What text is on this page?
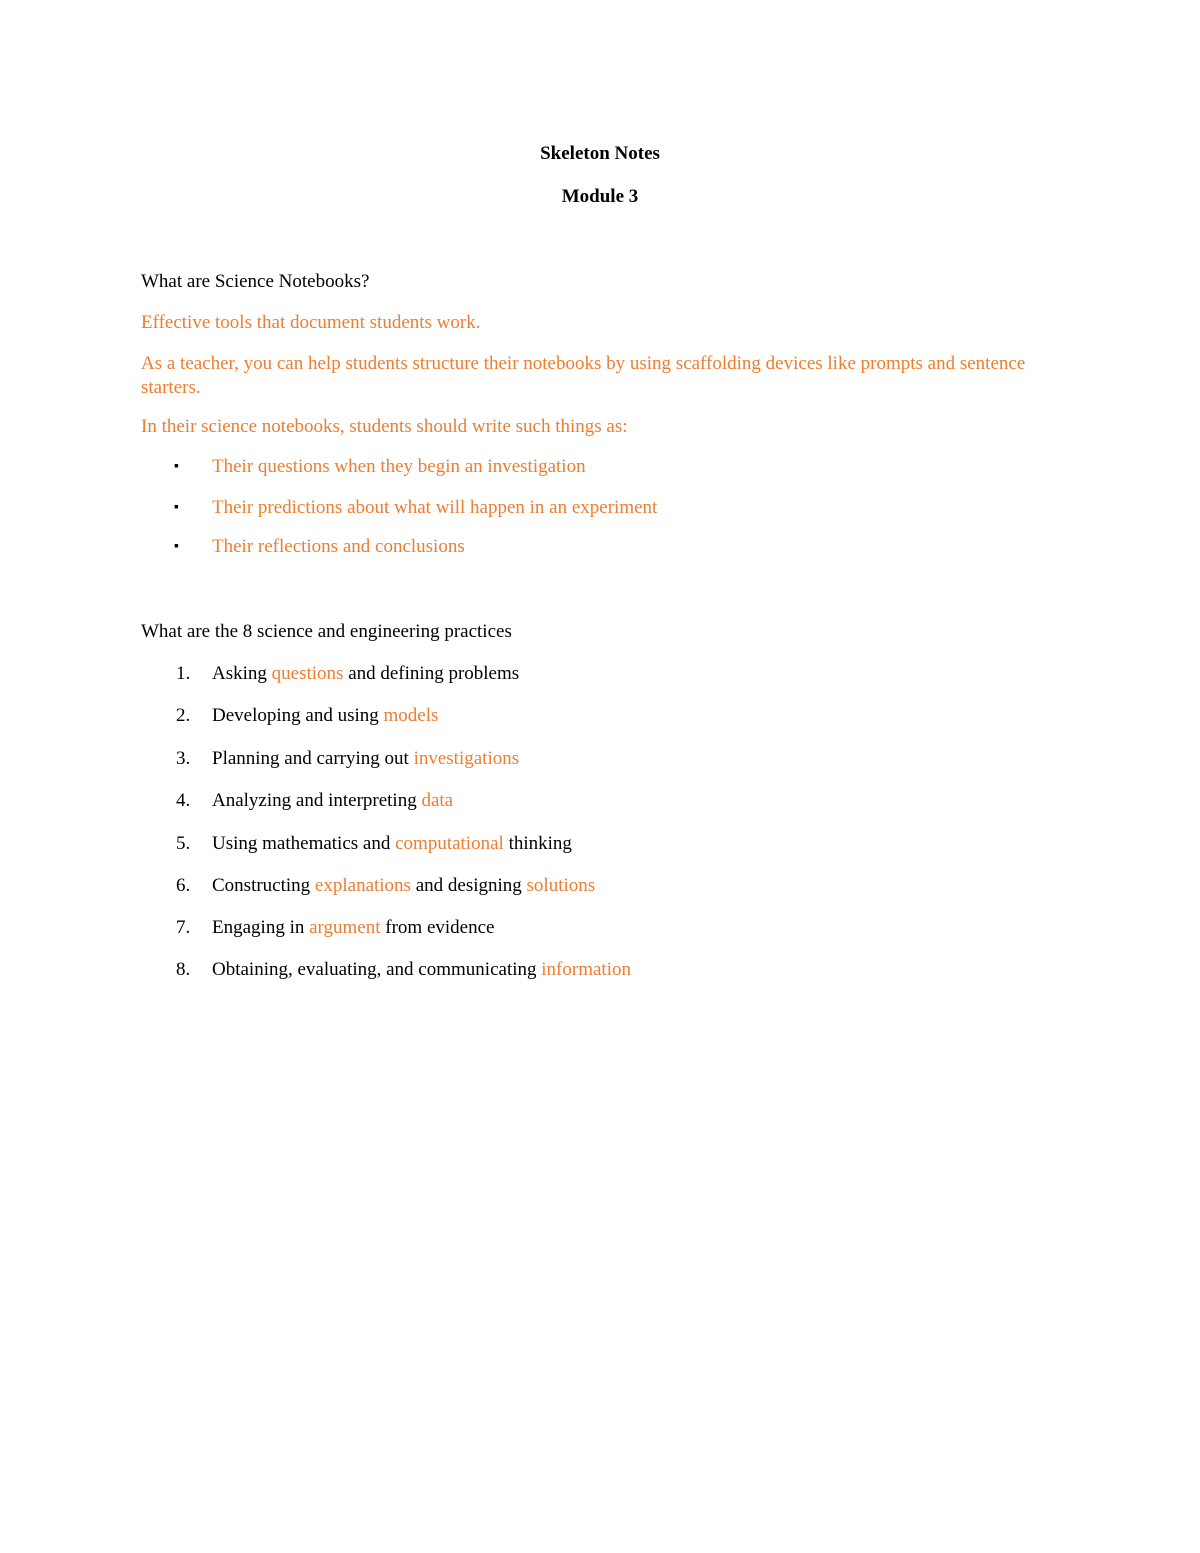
Skeleton Notes
Module 3
What are Science Notebooks?
Effective tools that document students work.
As a teacher, you can help students structure their notebooks by using scaffolding devices like prompts and sentence starters.
In their science notebooks, students should write such things as:
▪ Their questions when they begin an investigation
▪ Their predictions about what will happen in an experiment
▪ Their reflections and conclusions
What are the 8 science and engineering practices
1. Asking questions and defining problems
2. Developing and using models
3. Planning and carrying out investigations
4. Analyzing and interpreting data
5. Using mathematics and computational thinking
6. Constructing explanations and designing solutions
7. Engaging in argument from evidence
8. Obtaining, evaluating, and communicating information
